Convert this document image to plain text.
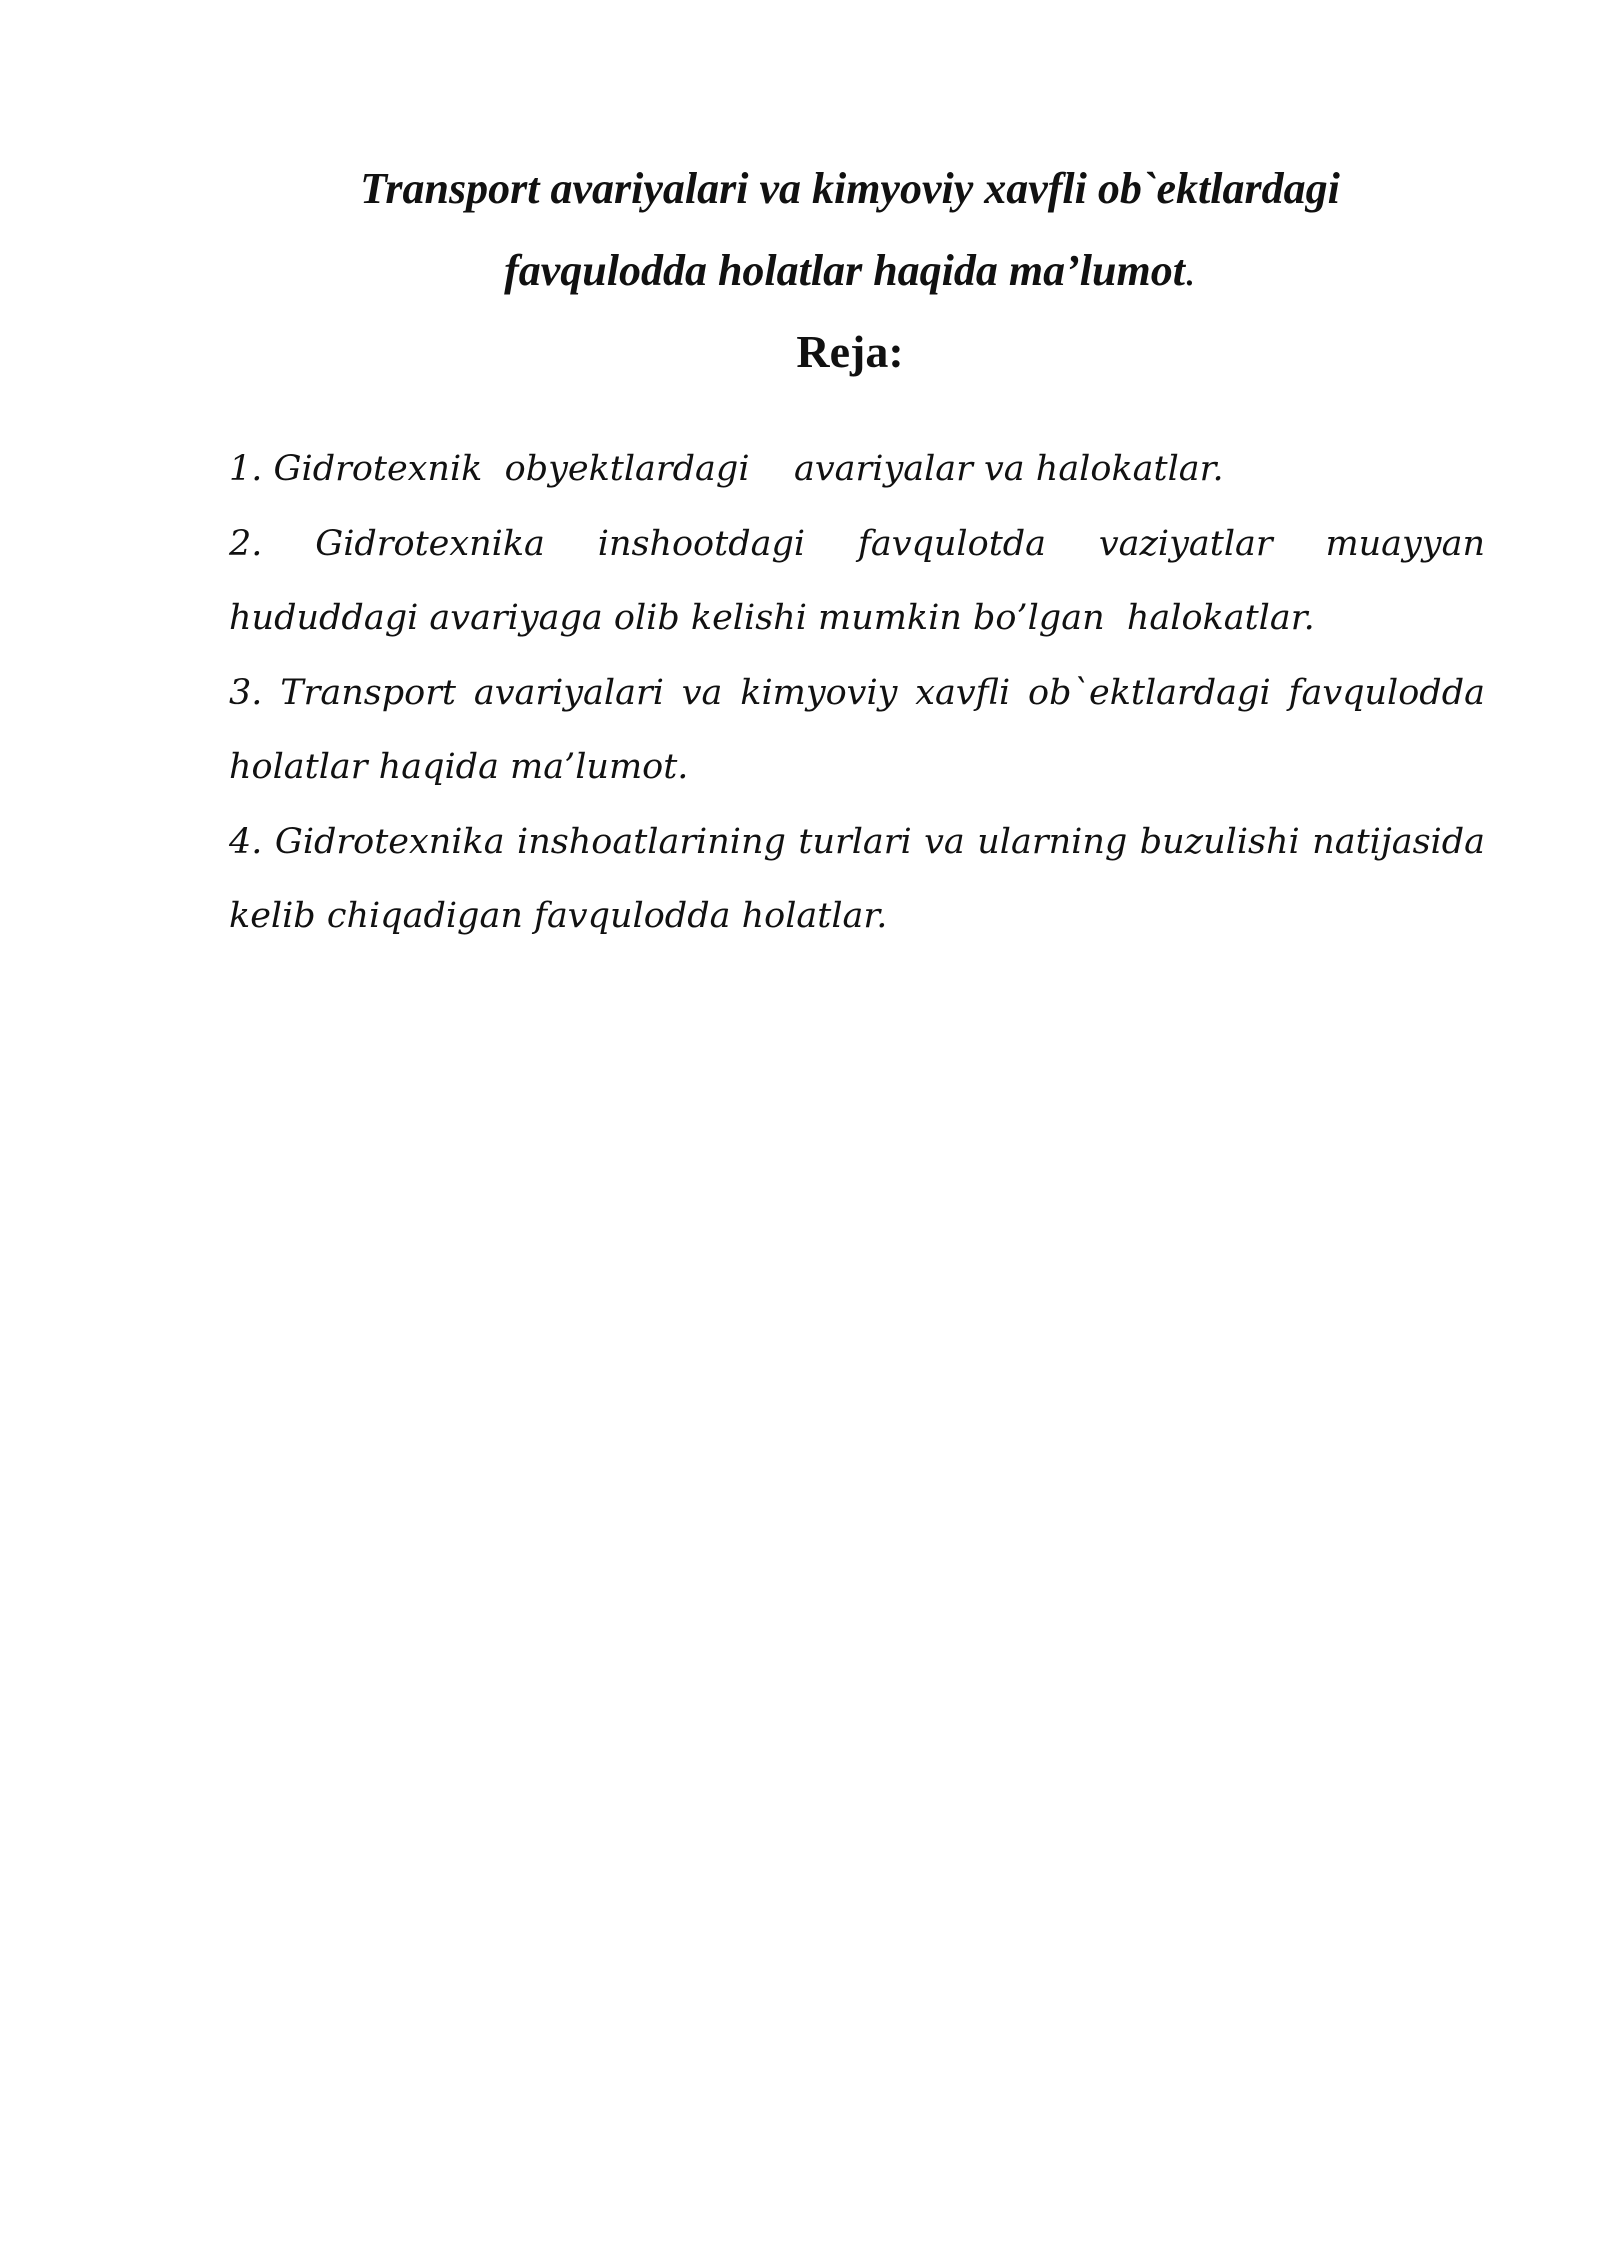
Transport avariyalari va kimyoviy xavfli ob`ektlardagi
favqulodda holatlar haqida ma’lumot.
Reja:
1. Gidrotexnik  obyektlardagi    avariyalar va halokatlar.
2. Gidrotexnika inshootdagi favqulotda vaziyatlar muayyan
hududdagi avariyaga olib kelishi mumkin bo’lgan  halokatlar.
3. Transport avariyalari va kimyoviy xavfli ob`ektlardagi favqulodda holatlar haqida ma’lumot.
4. Gidrotexnika inshoatlarining turlari va ularning buzulishi natijasida kelib chiqadigan favqulodda holatlar.
